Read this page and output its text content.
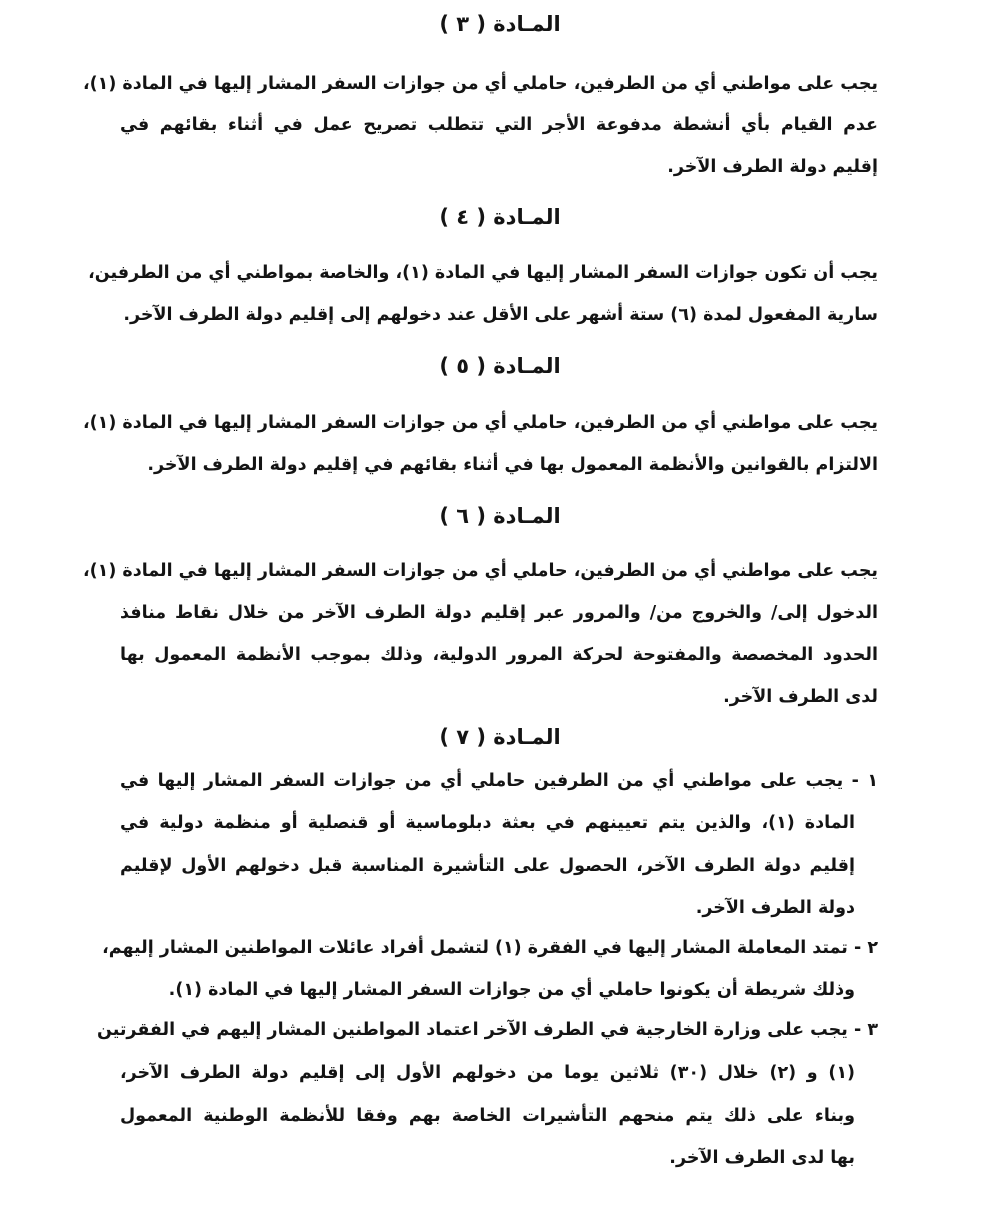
المـادة ( ٣ )
يجب على مواطني أي من الطرفين، حاملي أي من جوازات السفر المشار إليها في المادة (١)،
عدم القيام بأي أنشطة مدفوعة الأجر التي تتطلب تصريح عمل في أثناء بقائهم في
إقليم دولة الطرف الآخر.
المـادة ( ٤ )
يجب أن تكون جوازات السفر المشار إليها في المادة (١)، والخاصة بمواطني أي من الطرفين،
سارية المفعول لمدة (٦) ستة أشهر على الأقل عند دخولهم إلى إقليم دولة الطرف الآخر.
المـادة ( ٥ )
يجب على مواطني أي من الطرفين، حاملي أي من جوازات السفر المشار إليها في المادة (١)،
الالتزام بالقوانين والأنظمة المعمول بها في أثناء بقائهم في إقليم دولة الطرف الآخر.
المـادة ( ٦ )
يجب على مواطني أي من الطرفين، حاملي أي من جوازات السفر المشار إليها في المادة (١)،
الدخول إلى/ والخروج من/ والمرور عبر إقليم دولة الطرف الآخر من خلال نقاط منافذ
الحدود المخصصة والمفتوحة لحركة المرور الدولية، وذلك بموجب الأنظمة المعمول بها
لدى الطرف الآخر.
المـادة ( ٧ )
١ - يجب على مواطني أي من الطرفين حاملي أي من جوازات السفر المشار إليها في
المادة (١)، والذين يتم تعيينهم في بعثة دبلوماسية أو قنصلية أو منظمة دولية في
إقليم دولة الطرف الآخر، الحصول على التأشيرة المناسبة قبل دخولهم الأول لإقليم
دولة الطرف الآخر.
٢ - تمتد المعاملة المشار إليها في الفقرة (١) لتشمل أفراد عائلات المواطنين المشار إليهم،
وذلك شريطة أن يكونوا حاملي أي من جوازات السفر المشار إليها في المادة (١).
٣ - يجب على وزارة الخارجية في الطرف الآخر اعتماد المواطنين المشار إليهم في الفقرتين
(١) و (٢) خلال (٣٠) ثلاثين يوما من دخولهم الأول إلى إقليم دولة الطرف الآخر،
وبناء على ذلك يتم منحهم التأشيرات الخاصة بهم وفقا للأنظمة الوطنية المعمول
بها لدى الطرف الآخر.
